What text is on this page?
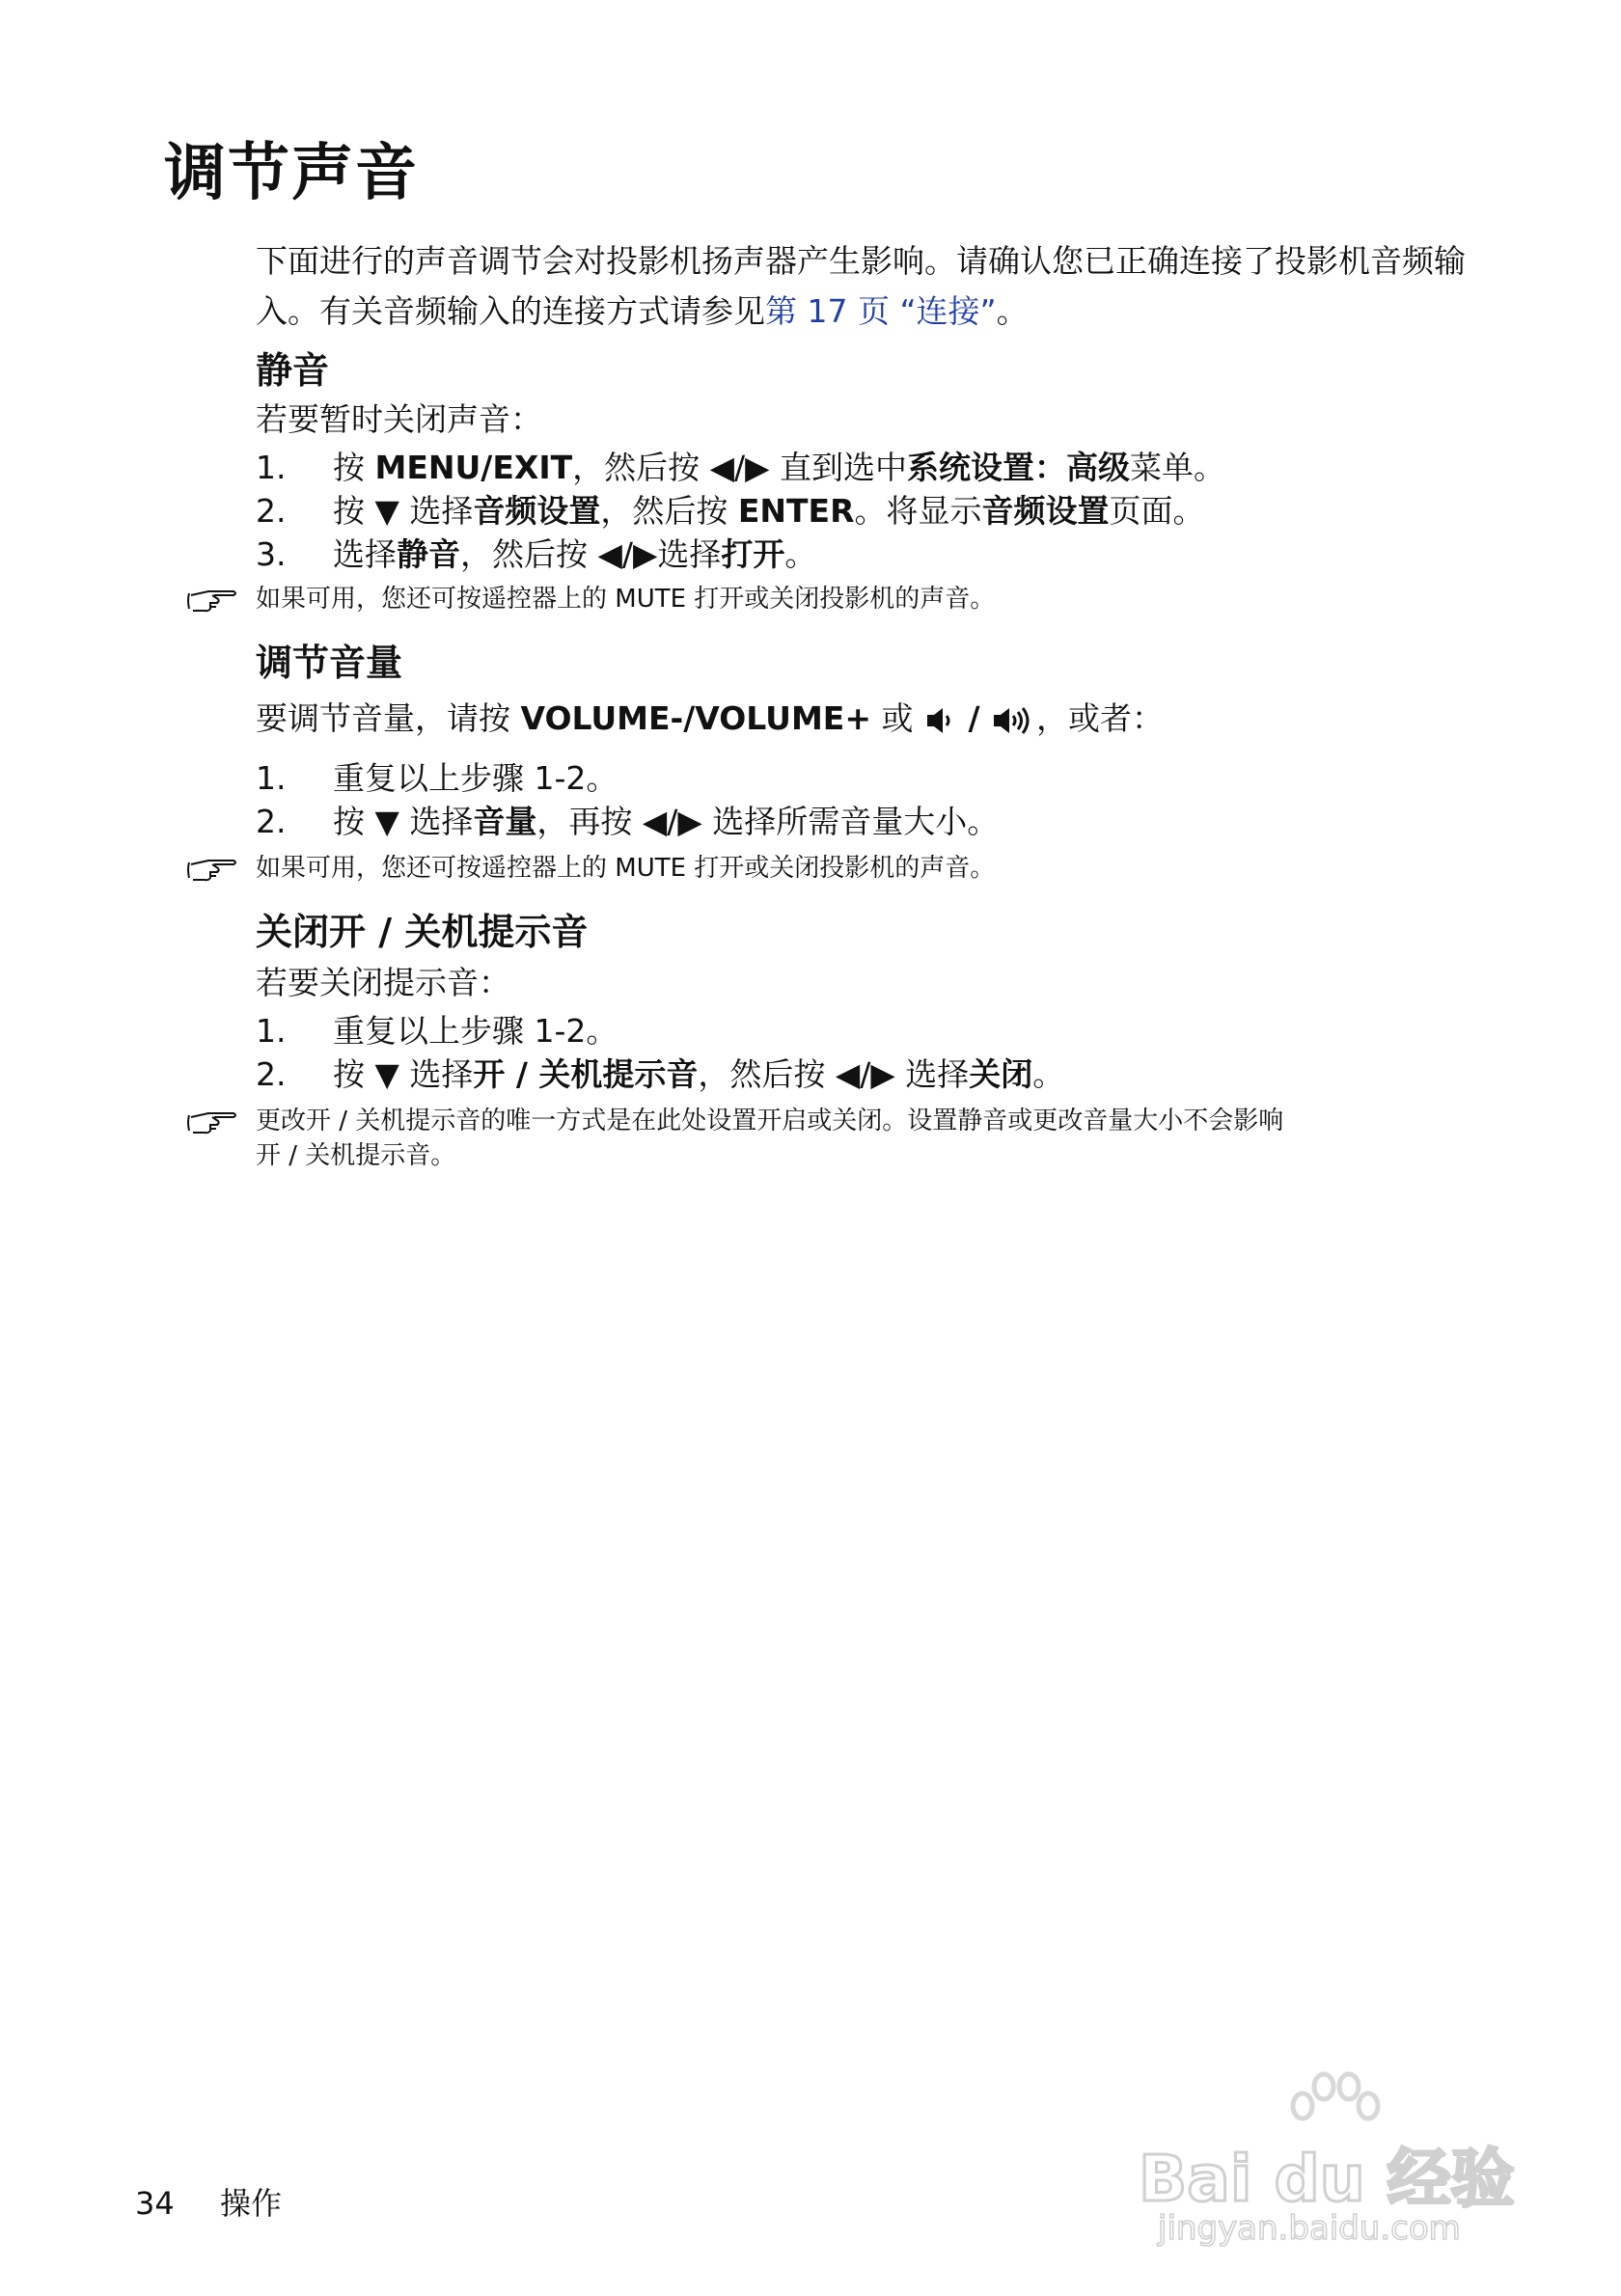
调节声音
下面进行的声音调节会对投影机扬声器产生影响。请确认您已正确连接了投影机音频输入。有关音频输入的连接方式请参见第 17 页 “连接”。
静音
若要暂时关闭声音：
1. 按 MENU/EXIT，然后按 ◀/▶ 直到选中系统设置：高级菜单。
2. 按 ▼ 选择音频设置，然后按 ENTER。将显示音频设置页面。
3. 选择静音，然后按 ◀/▶选择打开。
如果可用，您还可按遥控器上的 MUTE 打开或关闭投影机的声音。
调节音量
要调节音量，请按 VOLUME-/VOLUME+ 或  / ，或者：
1. 重复以上步骤 1-2。
2. 按 ▼ 选择音量，再按 ◀/▶ 选择所需音量大小。
如果可用，您还可按遥控器上的 MUTE 打开或关闭投影机的声音。
关闭开 / 关机提示音
若要关闭提示音：
1. 重复以上步骤 1-2。
2. 按 ▼ 选择开 / 关机提示音，然后按 ◀/▶ 选择关闭。
更改开 / 关机提示音的唯一方式是在此处设置开启或关闭。设置静音或更改音量大小不会影响
开 / 关机提示音。
34 操作	Bai du 经验
jingyan.baidu.com
